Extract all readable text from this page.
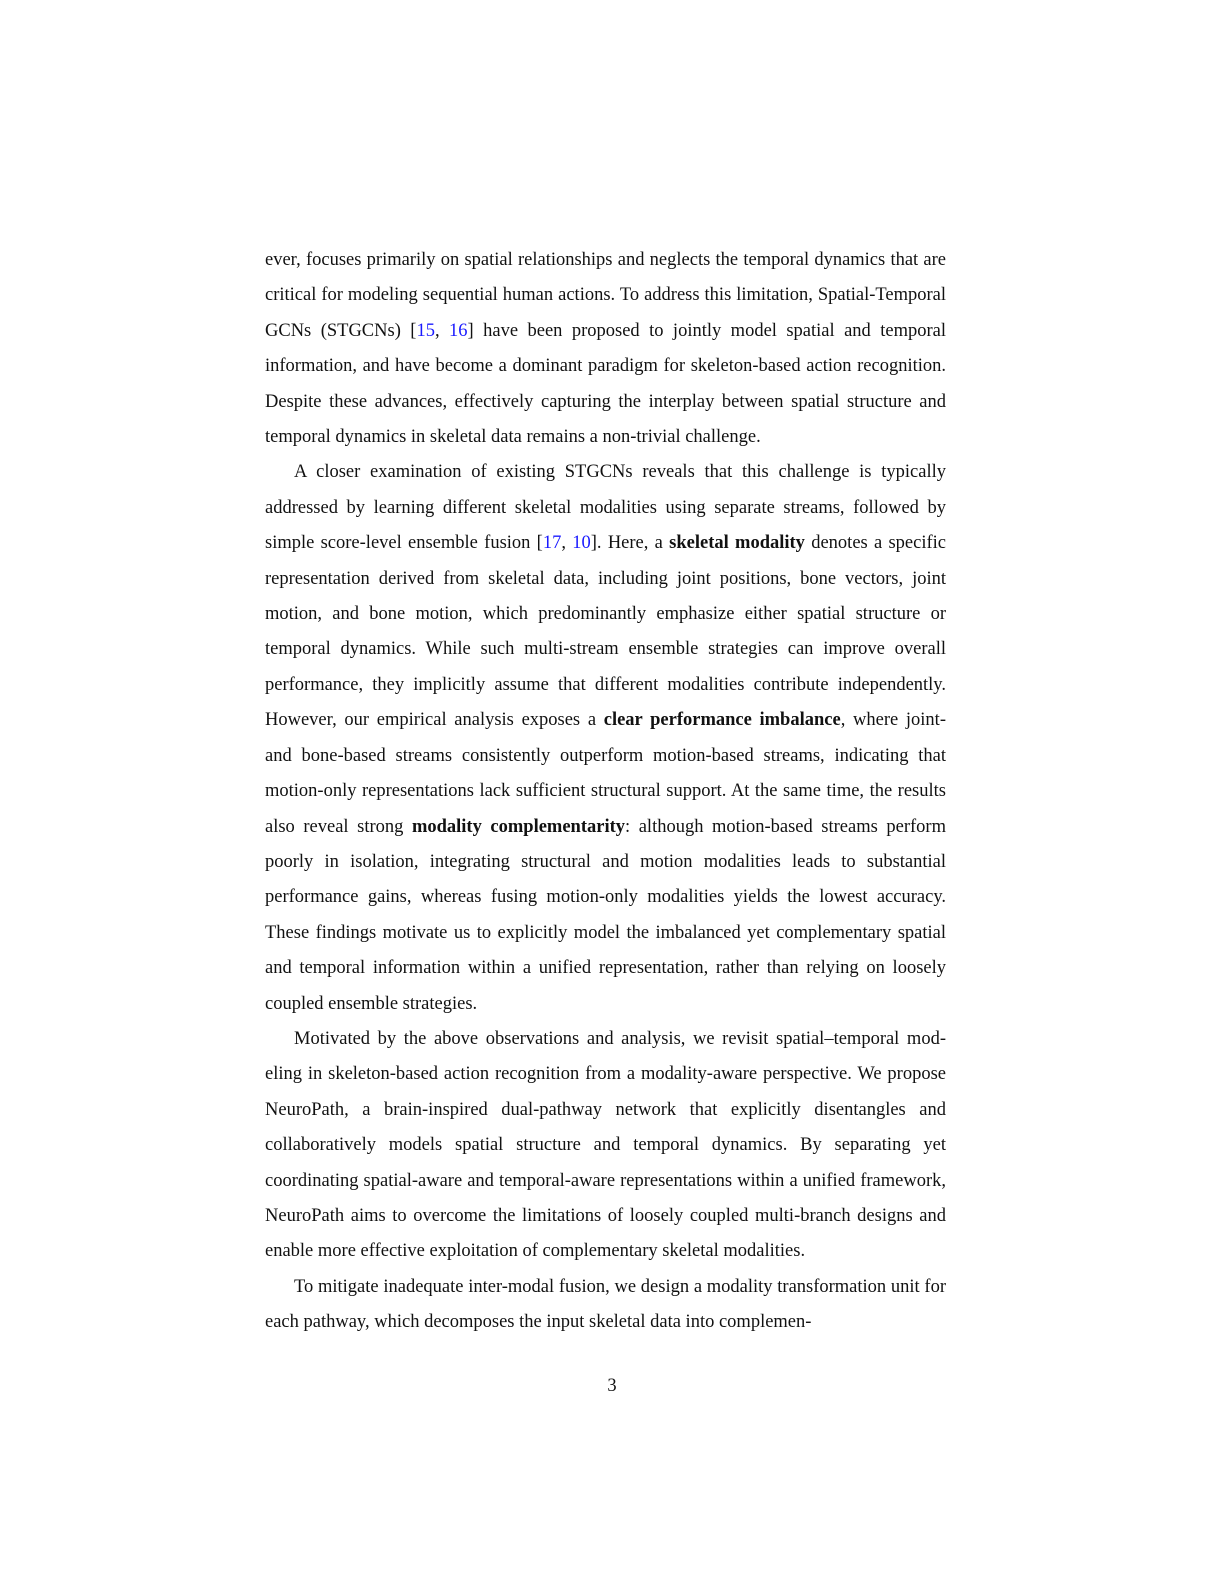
ever, focuses primarily on spatial relationships and neglects the temporal dynamics that are critical for modeling sequential human actions. To address this limitation, Spatial-Temporal GCNs (STGCNs) [15, 16] have been proposed to jointly model spatial and temporal information, and have become a dominant paradigm for skeleton-based action recognition. Despite these advances, effectively capturing the interplay between spatial structure and temporal dynamics in skeletal data remains a non-trivial challenge.

A closer examination of existing STGCNs reveals that this challenge is typically addressed by learning different skeletal modalities using separate streams, followed by simple score-level ensemble fusion [17, 10]. Here, a skeletal modality denotes a specific representation derived from skeletal data, including joint positions, bone vectors, joint motion, and bone motion, which predominantly emphasize either spatial structure or temporal dynamics. While such multi-stream ensemble strategies can improve overall performance, they implicitly assume that different modalities contribute independently. However, our empirical analysis exposes a clear performance imbalance, where joint- and bone-based streams consistently outperform motion-based streams, indicating that motion-only representations lack sufficient structural support. At the same time, the results also reveal strong modality complementarity: although motion-based streams perform poorly in isolation, integrating structural and motion modalities leads to substantial performance gains, whereas fusing motion-only modalities yields the lowest accuracy. These findings motivate us to explicitly model the imbalanced yet complementary spatial and temporal information within a unified representation, rather than relying on loosely coupled ensemble strategies.

Motivated by the above observations and analysis, we revisit spatial–temporal modeling in skeleton-based action recognition from a modality-aware perspective. We propose NeuroPath, a brain-inspired dual-pathway network that explicitly disentangles and collaboratively models spatial structure and temporal dynamics. By separating yet coordinating spatial-aware and temporal-aware representations within a unified framework, NeuroPath aims to overcome the limitations of loosely coupled multi-branch designs and enable more effective exploitation of complementary skeletal modalities.

To mitigate inadequate inter-modal fusion, we design a modality transformation unit for each pathway, which decomposes the input skeletal data into complemen-

3
